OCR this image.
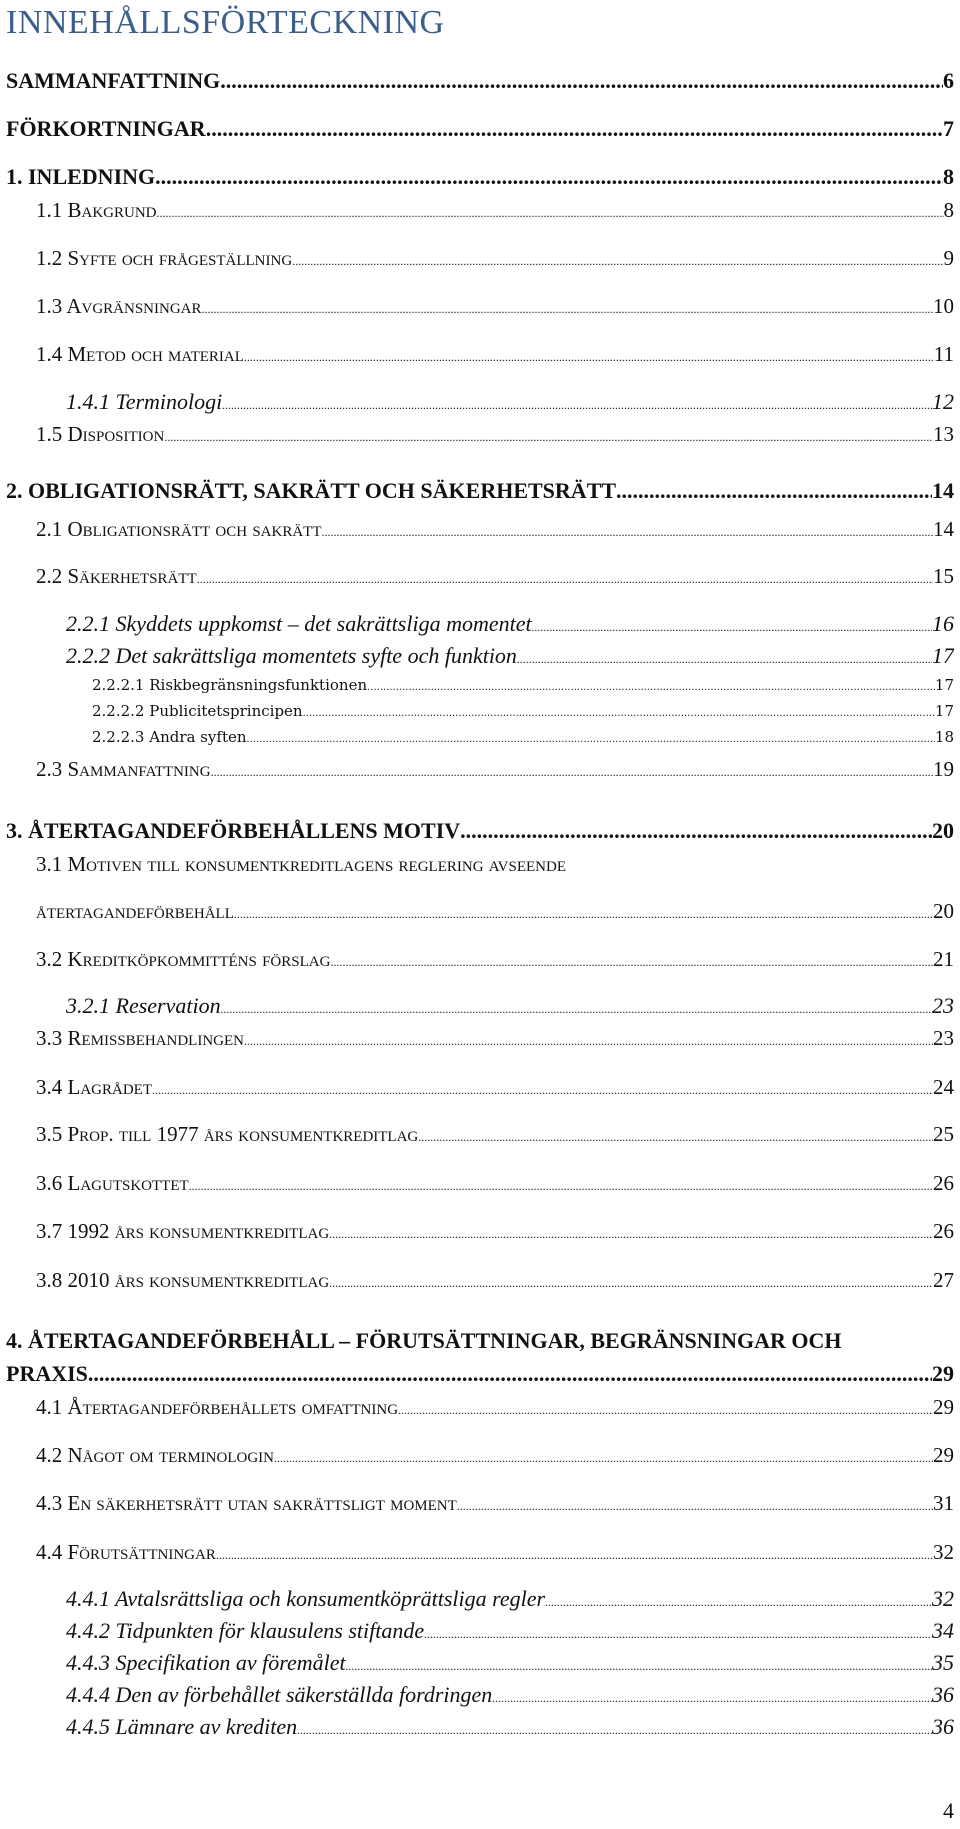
INNEHÅLLSFÖRTECKNING
SAMMANFATTNING .....	6
FÖRKORTNINGAR .....	7
1. INLEDNING .....	8
1.1 Bakgrund .....	8
1.2 Syfte och frågeställning .....	9
1.3 Avgränsningar .....	10
1.4 Metod och material .....	11
1.4.1 Terminologi .....	12
1.5 Disposition .....	13
2. OBLIGATIONSRÄTT, SAKRÄTT OCH SÄKERHETSRÄTT .....	14
2.1 Obligationsrätt och sakrätt .....	14
2.2 Säkerhetsrätt .....	15
2.2.1 Skyddets uppkomst – det sakrättsliga momentet .....	16
2.2.2 Det sakrättsliga momentets syfte och funktion .....	17
2.2.2.1 Riskbegränsningsfunktionen .....	17
2.2.2.2 Publicitetsprincipen .....	17
2.2.2.3 Andra syften .....	18
2.3 Sammanfattning .....	19
3. ÅTERTAGANDEFÖRBEHÅLLENS MOTIV .....	20
3.1 Motiven till konsumentkreditlagens reglering avseende
återtagandeförbehåll .....	20
3.2 Kreditköpkommitténs förslag .....	21
3.2.1 Reservation .....	23
3.3 Remissbehandlingen .....	23
3.4 Lagrådet .....	24
3.5 Prop. till 1977 års konsumentkreditlag .....	25
3.6 Lagutskottet .....	26
3.7 1992 års konsumentkreditlag .....	26
3.8 2010 års konsumentkreditlag .....	27
4. ÅTERTAGANDEFÖRBEHÅLL – FÖRUTSÄTTNINGAR, BEGRÄNSNINGAR OCH
PRAXIS .....	29
4.1 Återtagandeförbehållets omfattning .....	29
4.2 Något om terminologin .....	29
4.3 En säkerhetsrätt utan sakrättsligt moment .....	31
4.4 Förutsättningar .....	32
4.4.1 Avtalsrättsliga och konsumentköprättsliga regler .....	32
4.4.2 Tidpunkten för klausulens stiftande .....	34
4.4.3 Specifikation av föremålet .....	35
4.4.4 Den av förbehållet säkerställda fordringen .....	36
4.4.5 Lämnare av krediten .....	36
4
